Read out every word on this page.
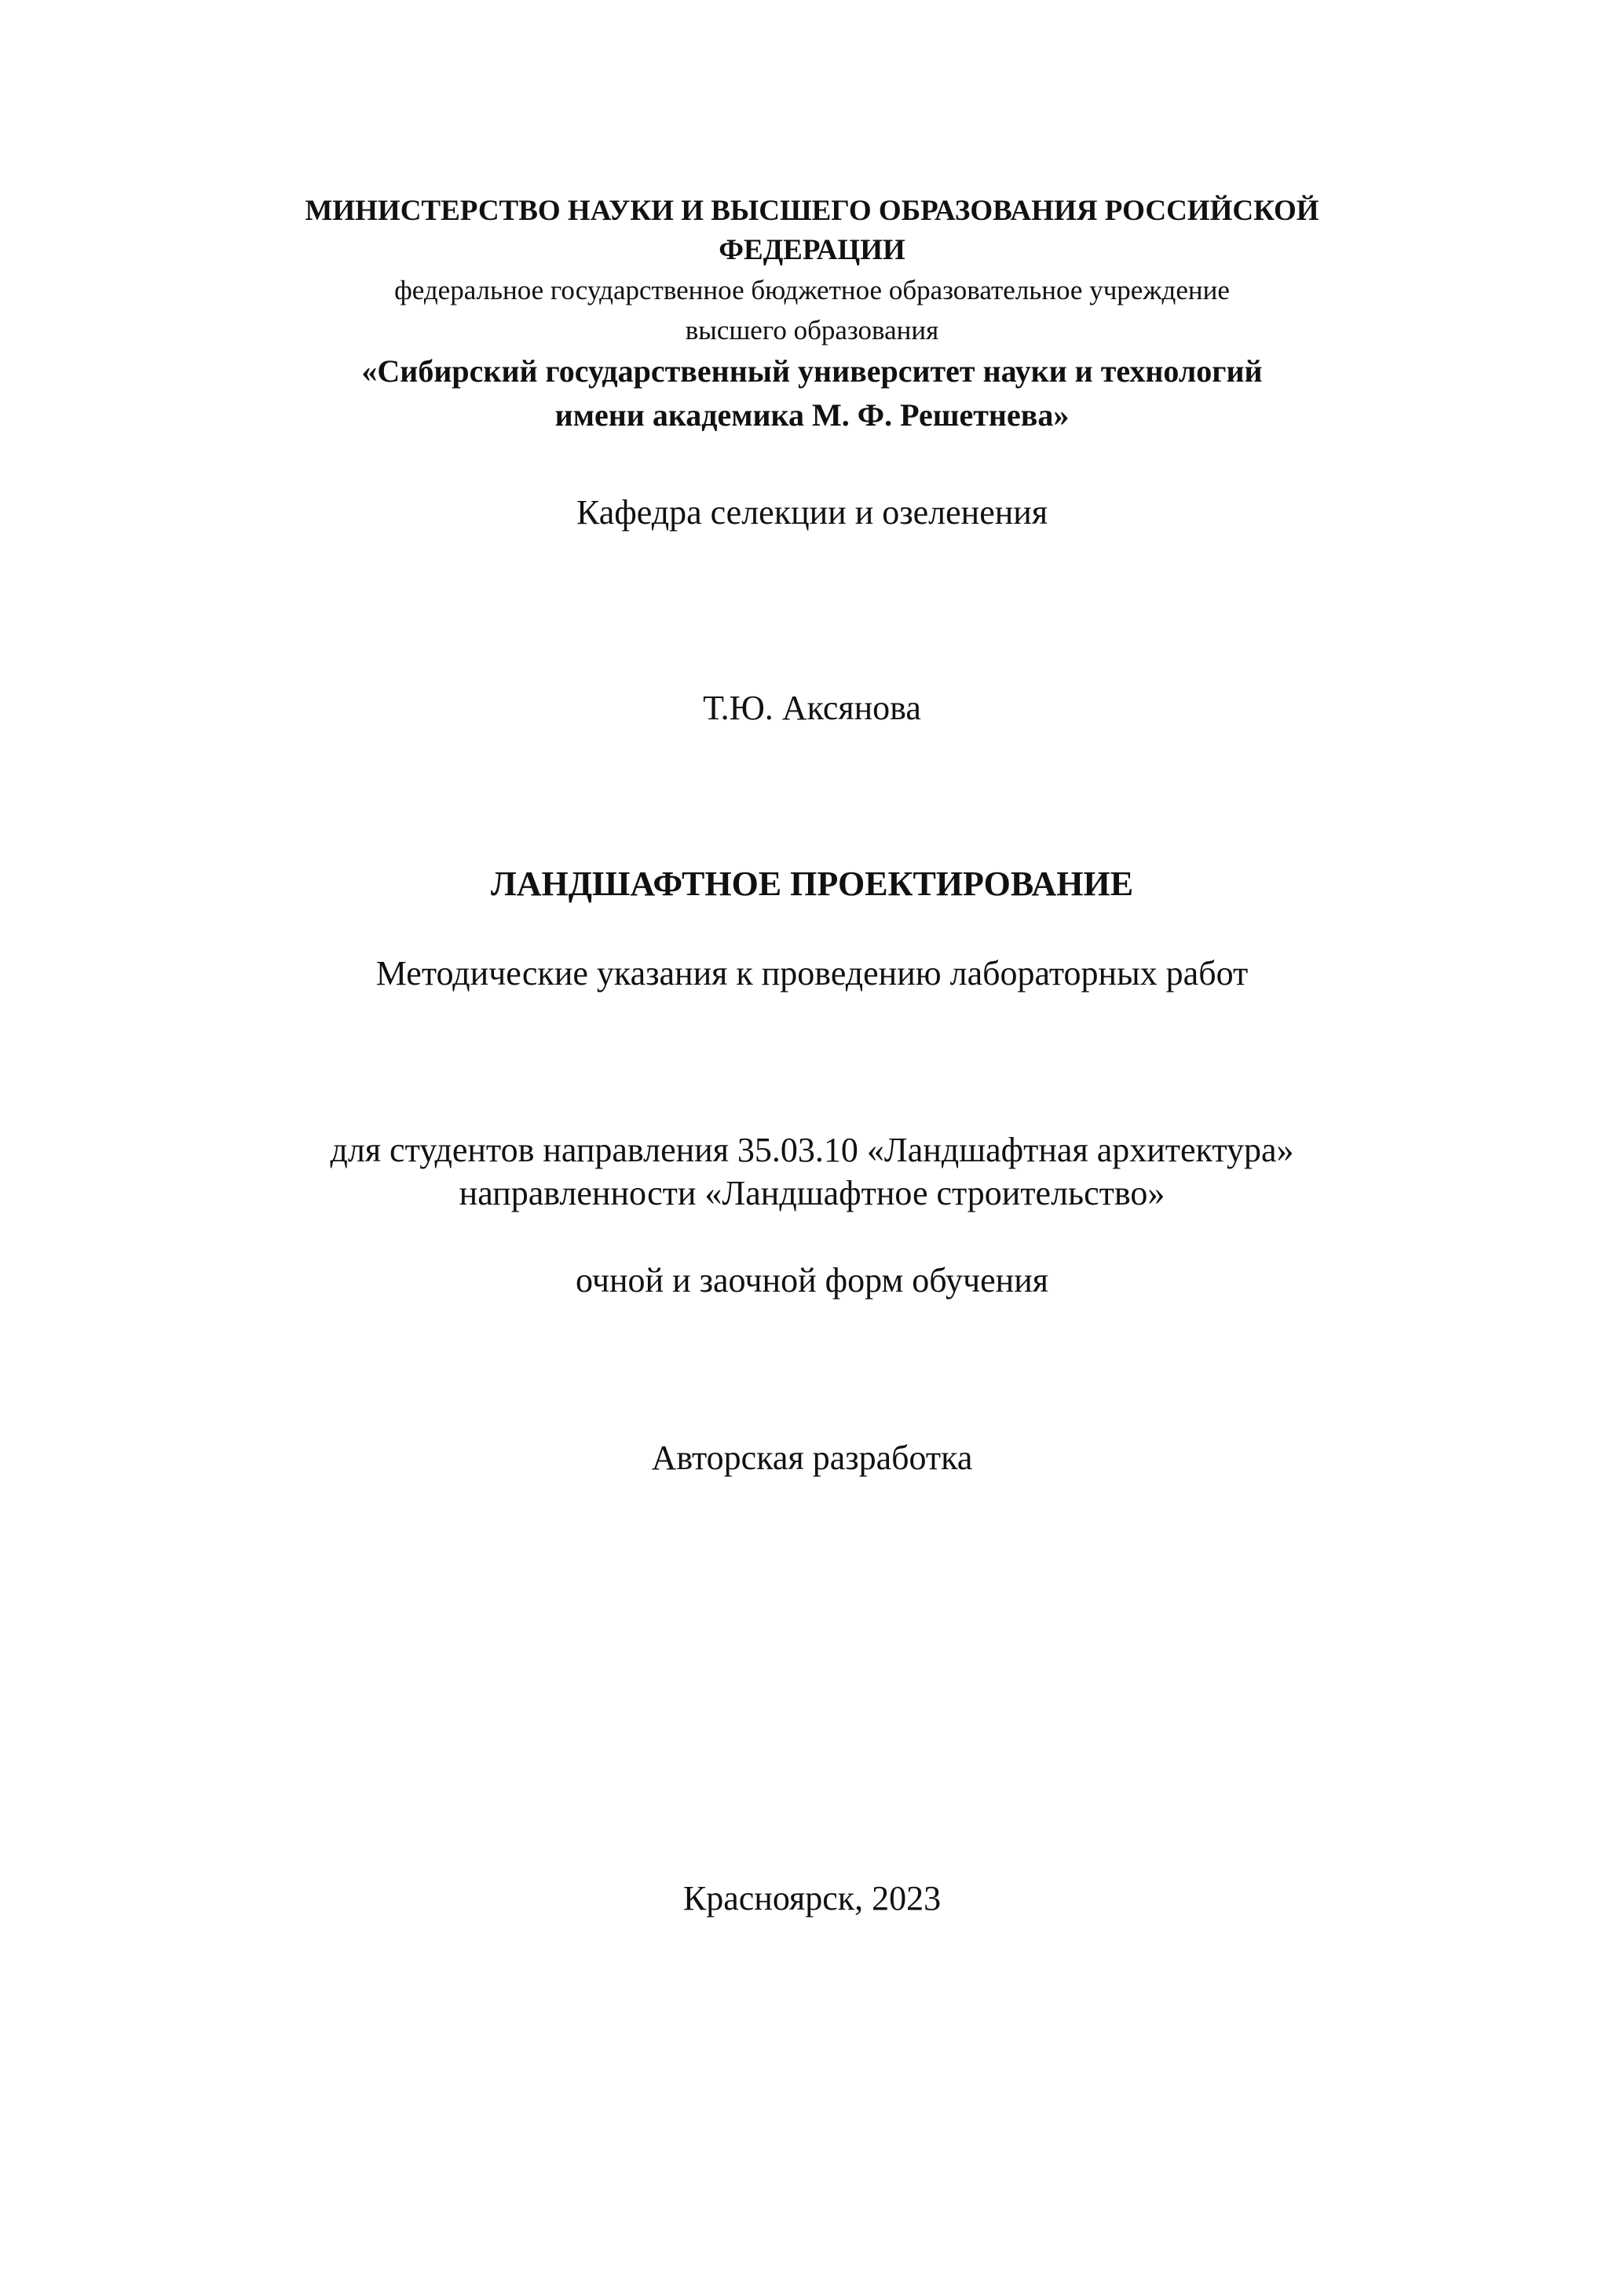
МИНИСТЕРСТВО НАУКИ И ВЫСШЕГО ОБРАЗОВАНИЯ РОССИЙСКОЙ
ФЕДЕРАЦИИ
федеральное государственное бюджетное образовательное учреждение
высшего образования
«Сибирский государственный университет науки и технологий
имени академика М. Ф. Решетнева»
Кафедра селекции и озеленения
Т.Ю. Аксянова
ЛАНДШАФТНОЕ ПРОЕКТИРОВАНИЕ
Методические указания к проведению лабораторных работ
для студентов направления 35.03.10 «Ландшафтная архитектура»
направленности «Ландшафтное строительство»
очной и заочной форм обучения
Авторская разработка
Красноярск, 2023
